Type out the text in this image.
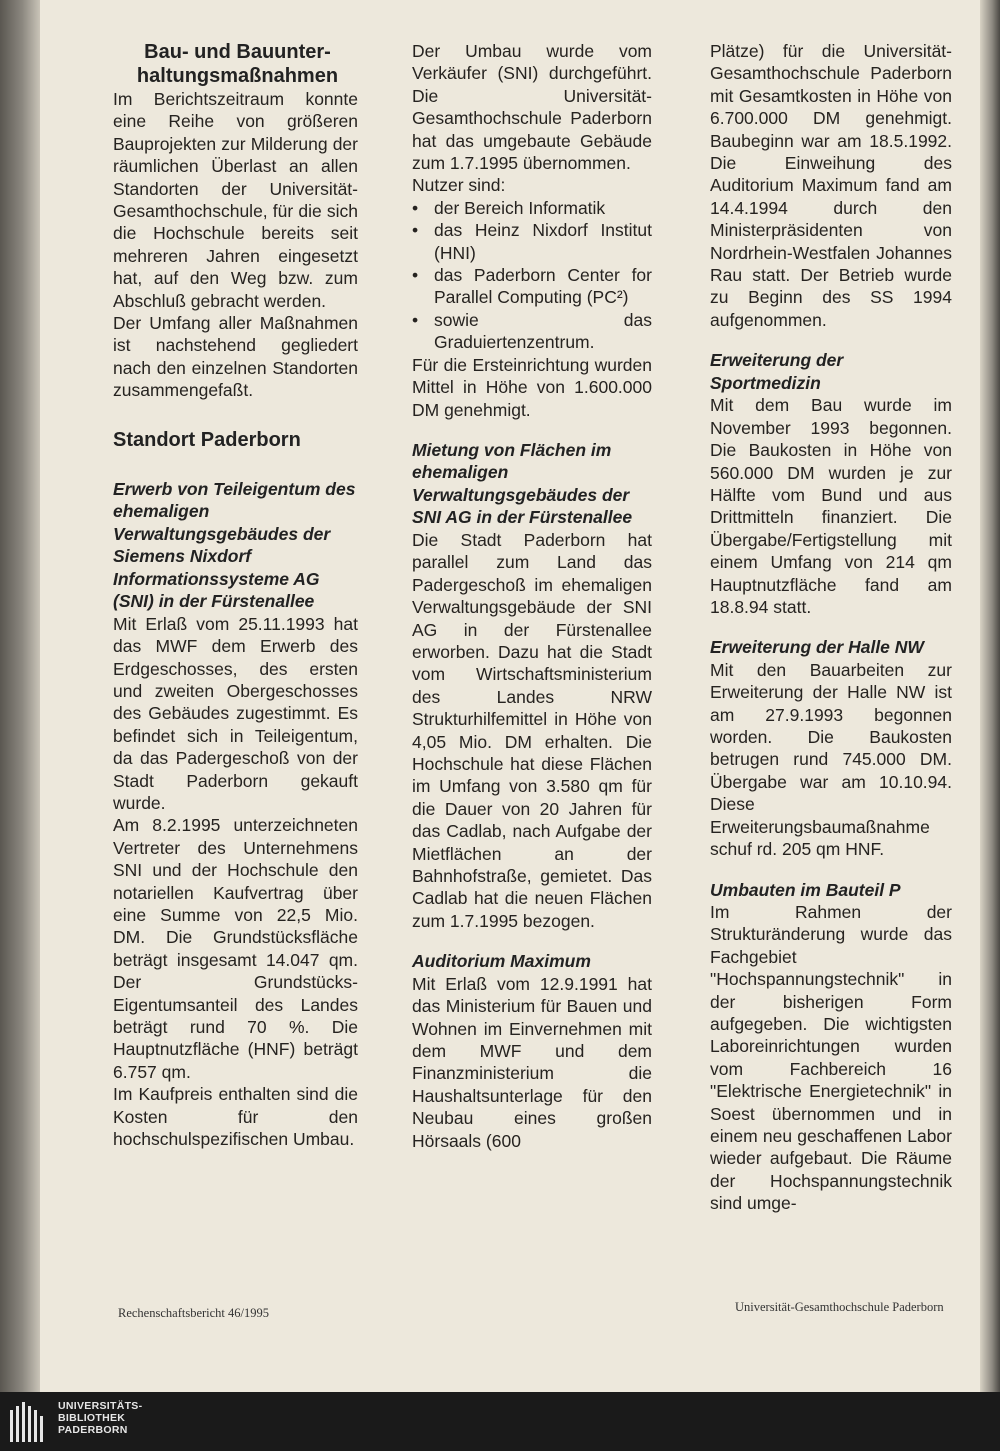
Bau- und Bauunter-haltungsmaßnahmen

Im Berichtszeitraum konnte eine Reihe von größeren Bauprojekten zur Milderung der räumlichen Überlast an allen Standorten der Universität-Gesamthochschule, für die sich die Hochschule bereits seit mehreren Jahren eingesetzt hat, auf den Weg bzw. zum Abschluß gebracht werden.

Der Umfang aller Maßnahmen ist nachstehend gegliedert nach den einzelnen Standorten zusammengefaßt.

Standort Paderborn
Erwerb von Teileigentum des ehemaligen Verwaltungsgebäudes der Siemens Nixdorf Informationssysteme AG (SNI) in der Fürstenallee

Mit Erlaß vom 25.11.1993 hat das MWF dem Erwerb des Erdgeschosses, des ersten und zweiten Obergeschosses des Gebäudes zugestimmt. Es befindet sich in Teileigentum, da das Padergeschoß von der Stadt Paderborn gekauft wurde.

Am 8.2.1995 unterzeichneten Vertreter des Unternehmens SNI und der Hochschule den notariellen Kaufvertrag über eine Summe von 22,5 Mio. DM. Die Grundstücksfläche beträgt insgesamt 14.047 qm. Der Grundstücks-Eigentumsanteil des Landes beträgt rund 70 %. Die Hauptnutzfläche (HNF) beträgt 6.757 qm.

Im Kaufpreis enthalten sind die Kosten für den hochschulspezifischen Umbau.

Der Umbau wurde vom Verkäufer (SNI) durchgeführt. Die Universität-Gesamthochschule Paderborn hat das umgebaute Gebäude zum 1.7.1995 übernommen.

Nutzer sind:

• der Bereich Informatik
• das Heinz Nixdorf Institut (HNI)
• das Paderborn Center for Parallel Computing (PC²)
• sowie das Graduiertenzentrum.

Für die Ersteinrichtung wurden Mittel in Höhe von 1.600.000 DM genehmigt.

Mietung von Flächen im ehemaligen Verwaltungsgebäudes der SNI AG in der Fürstenallee

Die Stadt Paderborn hat parallel zum Land das Padergeschoß im ehemaligen Verwaltungsgebäude der SNI AG in der Fürstenallee erworben. Dazu hat die Stadt vom Wirtschaftsministerium des Landes NRW Strukturhilfemittel in Höhe von 4,05 Mio. DM erhalten. Die Hochschule hat diese Flächen im Umfang von 3.580 qm für die Dauer von 20 Jahren für das Cadlab, nach Aufgabe der Mietflächen an der Bahnhofstraße, gemietet. Das Cadlab hat die neuen Flächen zum 1.7.1995 bezogen.

Auditorium Maximum

Mit Erlaß vom 12.9.1991 hat das Ministerium für Bauen und Wohnen im Einvernehmen mit dem MWF und dem Finanzministerium die Haushaltsunterlage für den Neubau eines großen Hörsaals (600

Plätze) für die Universität-Gesamthochschule Paderborn mit Gesamtkosten in Höhe von 6.700.000 DM genehmigt. Baubeginn war am 18.5.1992. Die Einweihung des Auditorium Maximum fand am 14.4.1994 durch den Ministerpräsidenten von Nordrhein-Westfalen Johannes Rau statt. Der Betrieb wurde zu Beginn des SS 1994 aufgenommen.

Erweiterung der Sportmedizin

Mit dem Bau wurde im November 1993 begonnen. Die Baukosten in Höhe von 560.000 DM wurden je zur Hälfte vom Bund und aus Drittmitteln finanziert. Die Übergabe/Fertigstellung mit einem Umfang von 214 qm Hauptnutzfläche fand am 18.8.94 statt.

Erweiterung der Halle NW

Mit den Bauarbeiten zur Erweiterung der Halle NW ist am 27.9.1993 begonnen worden. Die Baukosten betrugen rund 745.000 DM. Übergabe war am 10.10.94. Diese Erweiterungsbaumaßnahme schuf rd. 205 qm HNF.

Umbauten im Bauteil P

Im Rahmen der Strukturänderung wurde das Fachgebiet "Hochspannungstechnik" in der bisherigen Form aufgegeben. Die wichtigsten Laboreinrichtungen wurden vom Fachbereich 16 "Elektrische Energietechnik" in Soest übernommen und in einem neu geschaffenen Labor wieder aufgebaut. Die Räume der Hochspannungstechnik sind umge-

Rechenschaftsbericht 46/1995	Universität-Gesamthochschule Paderborn
UNIVERSITÄTS-
BIBLIOTHEK
PADERBORN
